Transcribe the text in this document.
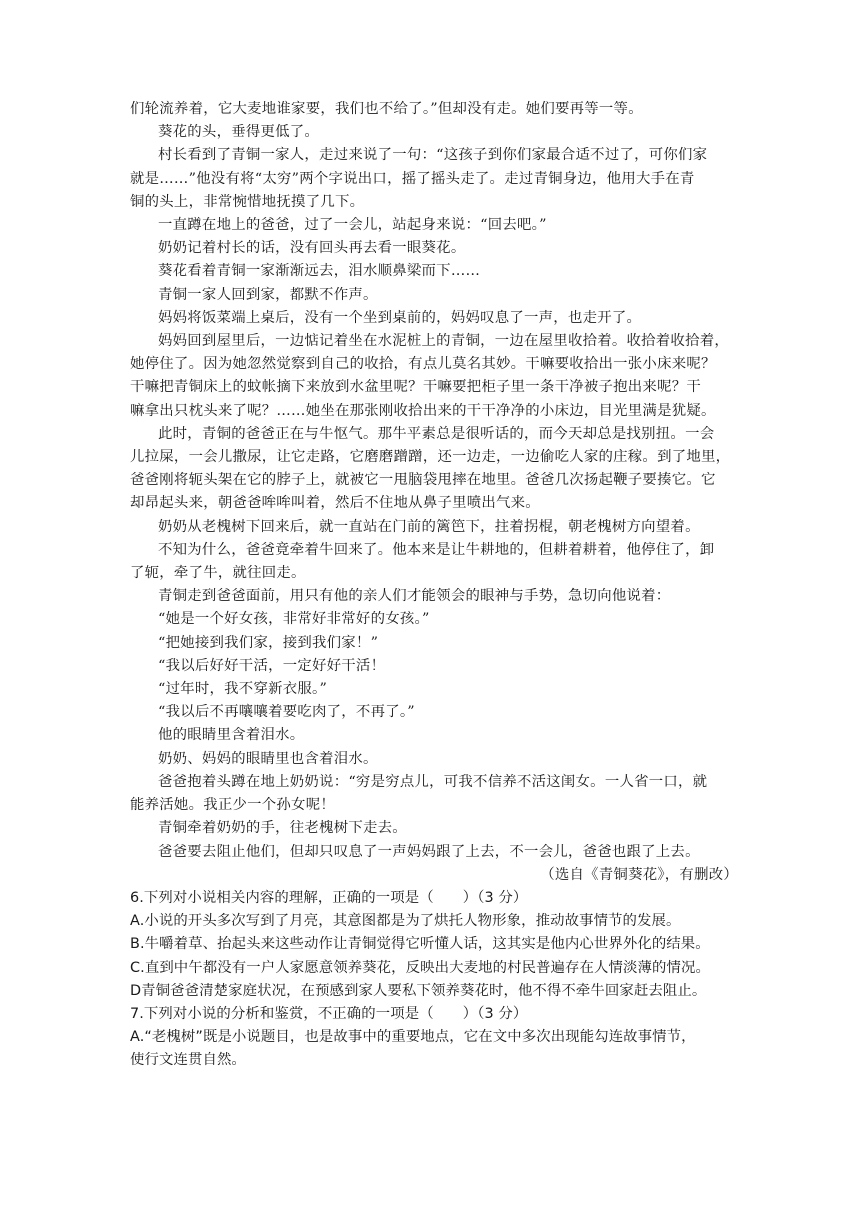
们轮流养着，它大麦地谁家要，我们也不给了。”但却没有走。她们要再等一等。
葵花的头，垂得更低了。
村长看到了青铜一家人，走过来说了一句：“这孩子到你们家最合适不过了，可你们家
就是……”他没有将“太穷”两个字说出口，摇了摇头走了。走过青铜身边，他用大手在青
铜的头上，非常惋惜地抚摸了几下。
一直蹲在地上的爸爸，过了一会儿，站起身来说：“回去吧。”
奶奶记着村长的话，没有回头再去看一眼葵花。
葵花看着青铜一家渐渐远去，泪水顺鼻梁而下……
青铜一家人回到家，都默不作声。
妈妈将饭菜端上桌后，没有一个坐到桌前的，妈妈叹息了一声，也走开了。
妈妈回到屋里后，一边惦记着坐在水泥桩上的青铜，一边在屋里收拾着。收拾着收拾着，
她停住了。因为她忽然觉察到自己的收拾，有点儿莫名其妙。干嘛要收拾出一张小床来呢？
干嘛把青铜床上的蚊帐摘下来放到水盆里呢？干嘛要把柜子里一条干净被子抱出来呢？干
嘛拿出只枕头来了呢？……她坐在那张刚收拾出来的干干净净的小床边，目光里满是犹疑。
此时，青铜的爸爸正在与牛怄气。那牛平素总是很听话的，而今天却总是找别扭。一会
儿拉屎，一会儿撒尿，让它走路，它磨磨蹭蹭，还一边走，一边偷吃人家的庄稼。到了地里，
爸爸刚将轭头架在它的脖子上，就被它一甩脑袋甩摔在地里。爸爸几次扬起鞭子要揍它。它
却昂起头来，朝爸爸哞哞叫着，然后不住地从鼻子里喷出气来。
奶奶从老槐树下回来后，就一直站在门前的篱笆下，拄着拐棍，朝老槐树方向望着。
不知为什么，爸爸竟牵着牛回来了。他本来是让牛耕地的，但耕着耕着，他停住了，卸
了轭，牵了牛，就往回走。
青铜走到爸爸面前，用只有他的亲人们才能领会的眼神与手势，急切向他说着：
“她是一个好女孩，非常好非常好的女孩。”
“把她接到我们家，接到我们家！”
“我以后好好干活，一定好好干活！
“过年时，我不穿新衣服。”
“我以后不再嚷嚷着要吃肉了，不再了。”
他的眼睛里含着泪水。
奶奶、妈妈的眼睛里也含着泪水。
爸爸抱着头蹲在地上奶奶说：“穷是穷点儿，可我不信养不活这闺女。一人省一口，就
能养活她。我正少一个孙女呢！
青铜牵着奶奶的手，往老槐树下走去。
爸爸要去阻止他们，但却只叹息了一声妈妈跟了上去，不一会儿，爸爸也跟了上去。
（选自《青铜葵花》，有删改）
6.下列对小说相关内容的理解，正确的一项是（　　）（3 分）
A.小说的开头多次写到了月亮，其意图都是为了烘托人物形象，推动故事情节的发展。
B.牛嚼着草、抬起头来这些动作让青铜觉得它听懂人话，这其实是他内心世界外化的结果。
C.直到中午都没有一户人家愿意领养葵花，反映出大麦地的村民普遍存在人情淡薄的情况。
D青铜爸爸清楚家庭状况，在预感到家人要私下领养葵花时，他不得不牵牛回家赶去阻止。
7.下列对小说的分析和鉴赏，不正确的一项是（　　）（3 分）
A.“老槐树”既是小说题目，也是故事中的重要地点，它在文中多次出现能勾连故事情节，
使行文连贯自然。
